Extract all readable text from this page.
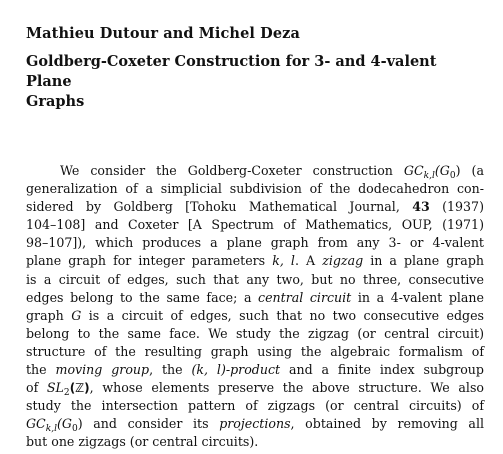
Mathieu Dutour and Michel Deza
Goldberg-Coxeter Construction for 3- and 4-valent Plane
Graphs
We consider the Goldberg-Coxeter construction $GC_{k,l}(G_0)$ (a
generalization of a simplicial subdivision of the dodecahedron con-
sidered by Goldberg [Tohoku Mathematical Journal, 43 (1937)
104–108] and Coxeter [A Spectrum of Mathematics, OUP, (1971)
98–107]), which produces a plane graph from any 3- or 4-valent
plane graph for integer parameters k, l. A zigzag in a plane graph
is a circuit of edges, such that any two, but no three, consecutive
edges belong to the same face; a central circuit in a 4-valent plane
graph G is a circuit of edges, such that no two consecutive edges
belong to the same face. We study the zigzag (or central circuit)
structure of the resulting graph using the algebraic formalism of
the moving group, the (k, l)-product and a finite index subgroup
of $SL_2(ℤ)$, whose elements preserve the above structure. We also
study the intersection pattern of zigzags (or central circuits) of
$GC_{k,l}(G_0)$ and consider its projections, obtained by removing all
but one zigzags (or central circuits).
